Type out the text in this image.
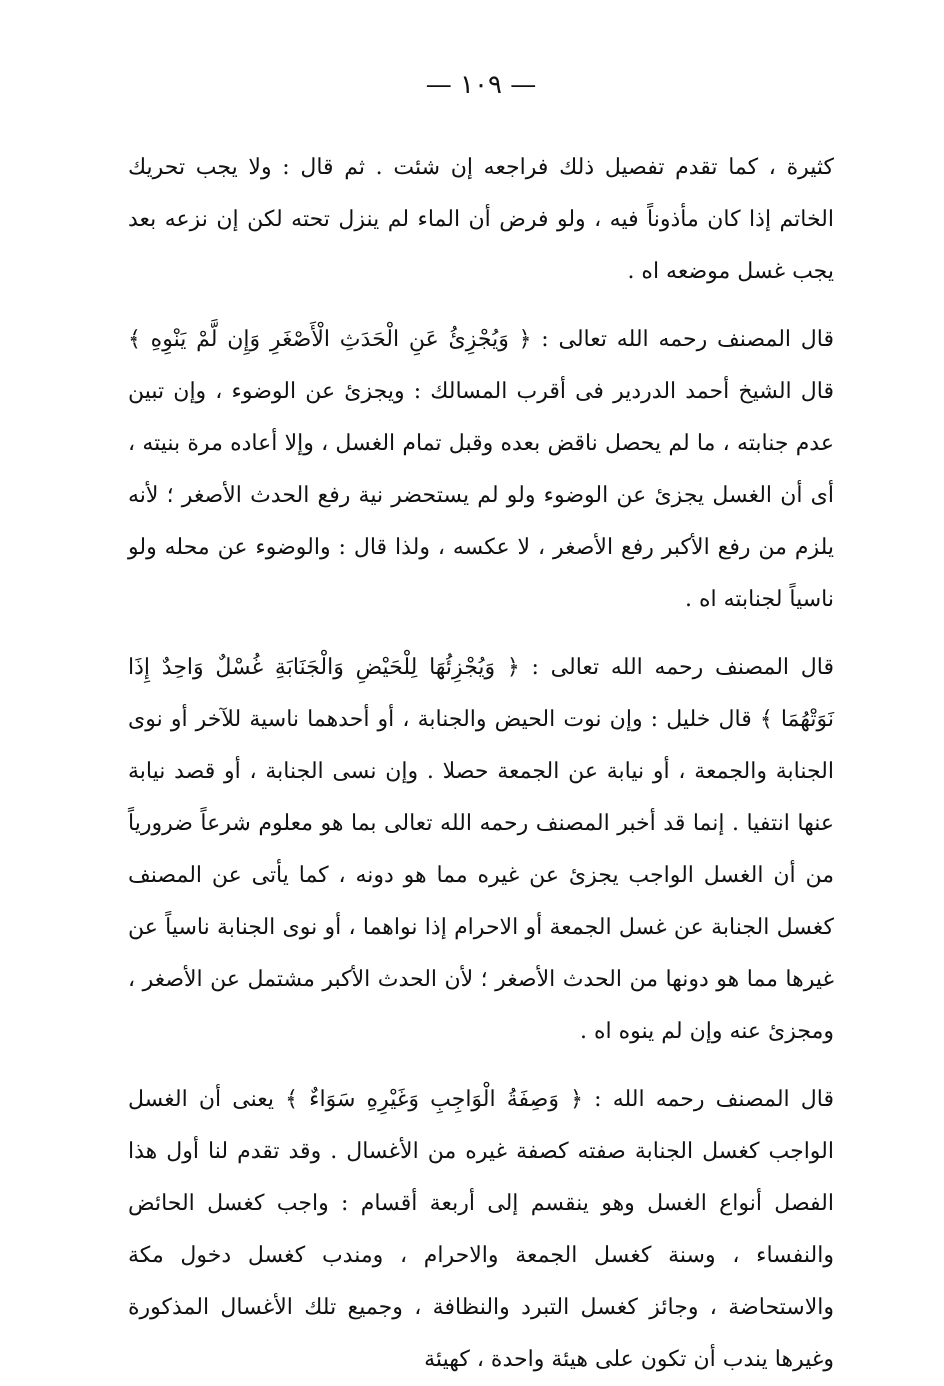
— ١٠٩ —

كثيرة ، كما تقدم تفصيل ذلك فراجعه إن شئت . ثم قال : ولا يجب تحريك الخاتم إذا كان مأذوناً فيه ، ولو فرض أن الماء لم ينزل تحته لكن إن نزعه بعد يجب غسل موضعه اه .

قال المصنف رحمه الله تعالى : ﴿ وَيُجْزِئُ عَنِ الْحَدَثِ الْأَصْغَرِ وَإِن لَّمْ يَنْوِهِ ﴾ قال الشيخ أحمد الدردير فى أقرب المسالك : ويجزئ عن الوضوء ، وإن تبين عدم جنابته ، ما لم يحصل ناقض بعده وقبل تمام الغسل ، وإلا أعاده مرة بنيته ، أى أن الغسل يجزئ عن الوضوء ولو لم يستحضر نية رفع الحدث الأصغر ؛ لأنه يلزم من رفع الأكبر رفع الأصغر ، لا عكسه ، ولذا قال : والوضوء عن محله ولو ناسياً لجنابته اه .

قال المصنف رحمه الله تعالى : ﴿ وَيُجْزِئُهَا لِلْحَيْضِ وَالْجَنَابَةِ غُسْلٌ وَاحِدٌ إِذَا نَوَتْهُمَا ﴾ قال خليل : وإن نوت الحيض والجنابة ، أو أحدهما ناسية للآخر أو نوى الجنابة والجمعة ، أو نيابة عن الجمعة حصلا . وإن نسى الجنابة ، أو قصد نيابة عنها انتفيا . إنما قد أخبر المصنف رحمه الله تعالى بما هو معلوم شرعاً ضرورياً من أن الغسل الواجب يجزئ عن غيره مما هو دونه ، كما يأتى عن المصنف كغسل الجنابة عن غسل الجمعة أو الاحرام إذا نواهما ، أو نوى الجنابة ناسياً عن غيرها مما هو دونها من الحدث الأصغر ؛ لأن الحدث الأكبر مشتمل عن الأصغر ، ومجزئ عنه وإن لم ينوه اه .

قال المصنف رحمه الله : ﴿ وَصِفَةُ الْوَاجِبِ وَغَيْرِهِ سَوَاءٌ ﴾ يعنى أن الغسل الواجب كغسل الجنابة صفته كصفة غيره من الأغسال . وقد تقدم لنا أول هذا الفصل أنواع الغسل وهو ينقسم إلى أربعة أقسام : واجب كغسل الحائض والنفساء ، وسنة كغسل الجمعة والاحرام ، ومندب كغسل دخول مكة والاستحاضة ، وجائز كغسل التبرد والنظافة ، وجميع تلك الأغسال المذكورة وغيرها يندب أن تكون على هيئة واحدة ، كهيئة
